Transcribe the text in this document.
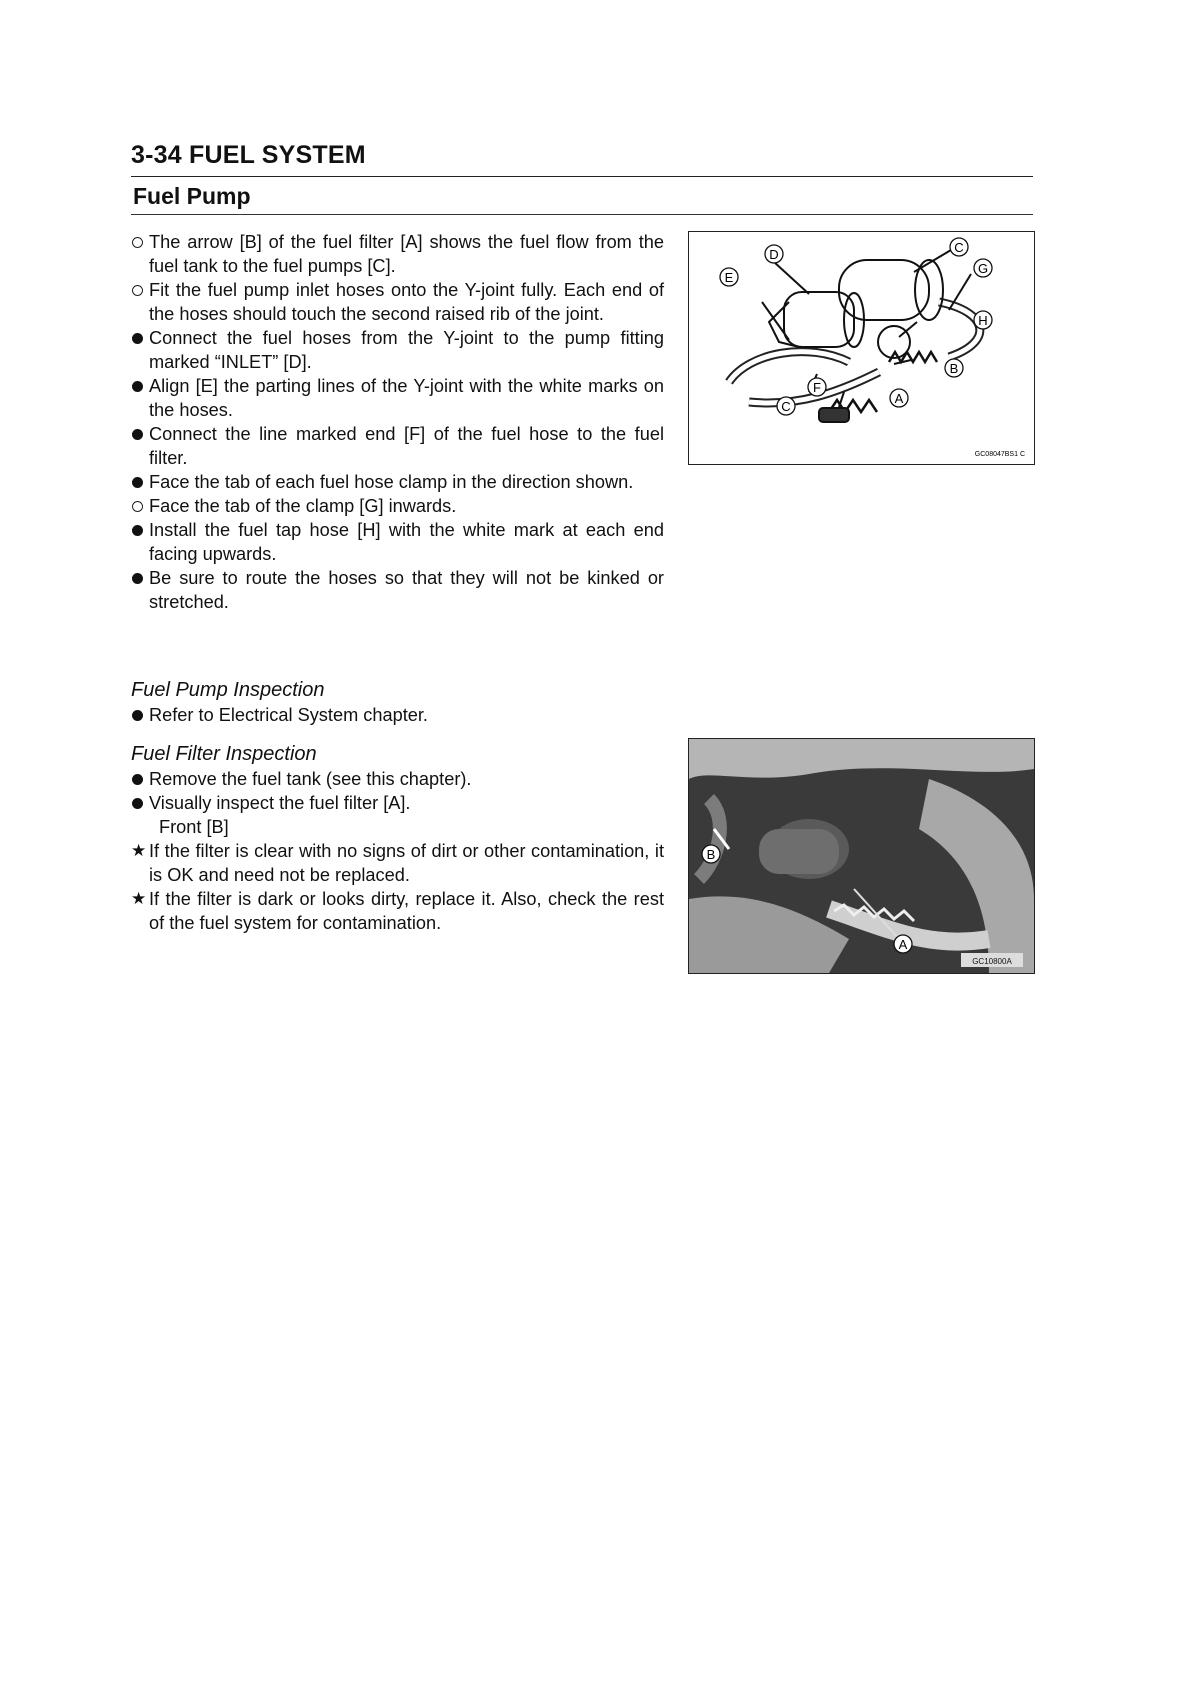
3-34 FUEL SYSTEM
Fuel Pump
The arrow [B] of the fuel filter [A] shows the fuel flow from the fuel tank to the fuel pumps [C].
Fit the fuel pump inlet hoses onto the Y-joint fully. Each end of the hoses should touch the second raised rib of the joint.
Connect the fuel hoses from the Y-joint to the pump fitting marked “INLET” [D].
Align [E] the parting lines of the Y-joint with the white marks on the hoses.
Connect the line marked end [F] of the fuel hose to the fuel filter.
Face the tab of each fuel hose clamp in the direction shown.
Face the tab of the clamp [G] inwards.
Install the fuel tap hose [H] with the white mark at each end facing upwards.
Be sure to route the hoses so that they will not be kinked or stretched.
Fuel Pump Inspection
Refer to Electrical System chapter.
Fuel Filter Inspection
Remove the fuel tank (see this chapter).
Visually inspect the fuel filter [A].
Front [B]
★ If the filter is clear with no signs of dirt or other contamination, it is OK and need not be replaced.
★ If the filter is dark or looks dirty, replace it. Also, check the rest of the fuel system for contamination.
C
D
E
G
H
B
F
C
A
GC08047BS1 C
B
A
GC10800A
